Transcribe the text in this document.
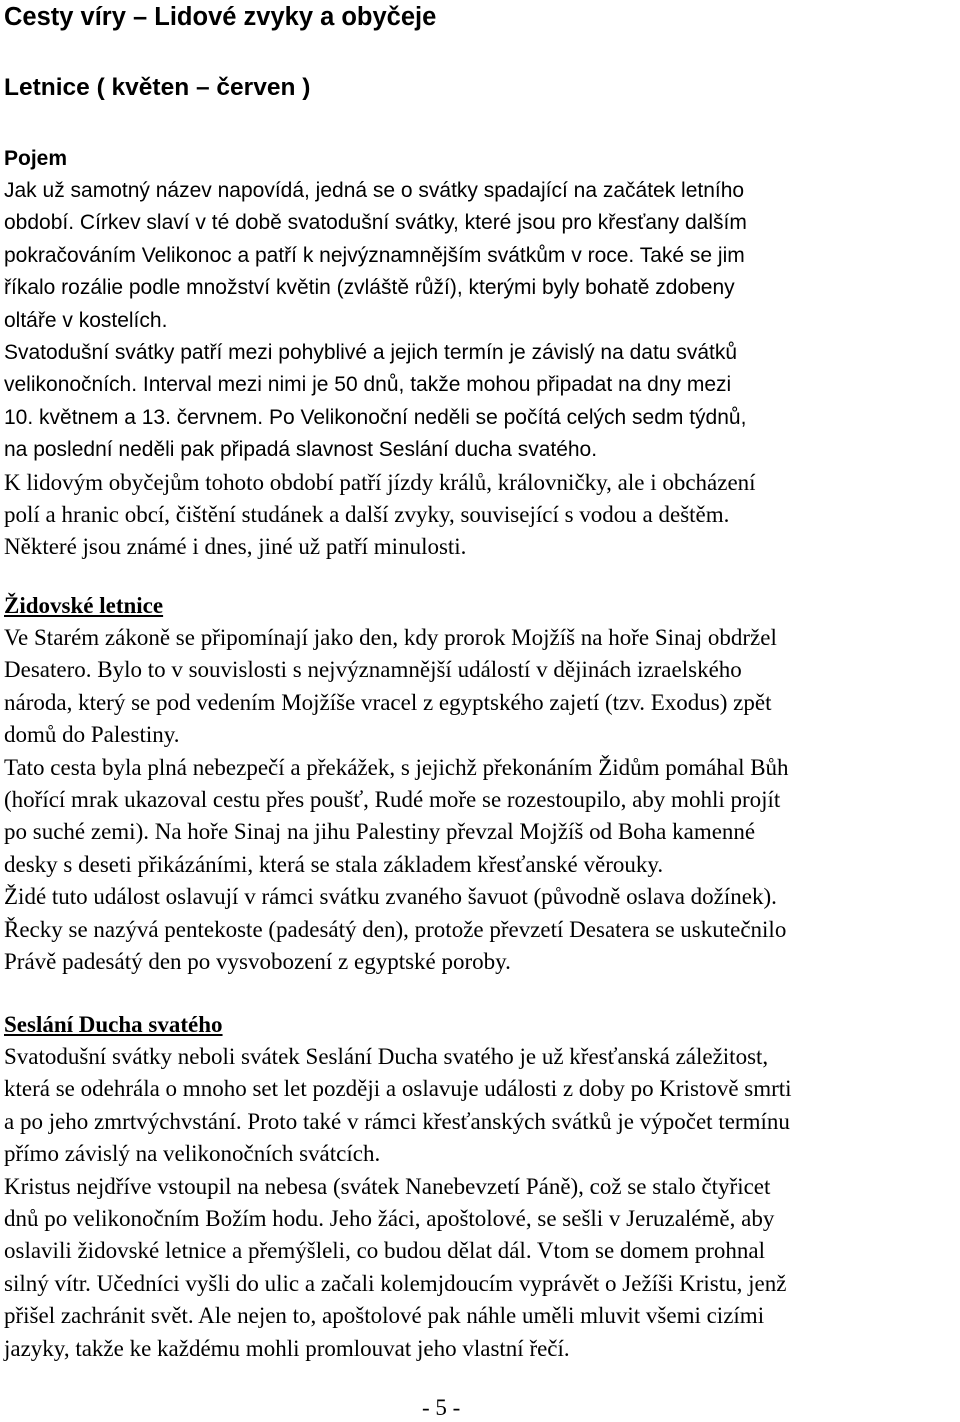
Cesty víry – Lidové zvyky a obyčeje
Letnice ( květen – červen )
Pojem
Jak už samotný název napovídá, jedná se o svátky spadající na začátek letního
období. Církev slaví v té době svatodušní svátky, které jsou pro křesťany dalším
pokračováním Velikonoc a patří k nejvýznamnějším svátkům v roce. Také se jim
říkalo rozálie podle množství květin (zvláště růží), kterými byly bohatě zdobeny
oltáře v kostelích.
Svatodušní svátky patří mezi pohyblivé a jejich termín je závislý na datu svátků
velikonočních. Interval mezi nimi je 50 dnů, takže mohou připadat na dny mezi
10. květnem a 13. červnem. Po Velikonoční neděli se počítá celých sedm týdnů,
na poslední neděli pak připadá slavnost Seslání ducha svatého.
K lidovým obyčejům tohoto období patří jízdy králů, královničky, ale i obcházení
polí a hranic obcí, čištění studánek a další zvyky, související s vodou a deštěm.
Některé jsou známé i dnes, jiné už patří minulosti.
Židovské letnice
Ve Starém zákoně se připomínají jako den, kdy prorok Mojžíš na hoře Sinaj obdržel
Desatero. Bylo to v souvislosti s nejvýznamnější událostí v dějinách izraelského
národa, který se pod vedením Mojžíše vracel z egyptského zajetí (tzv. Exodus) zpět
domů do Palestiny.
Tato cesta byla plná nebezpečí a překážek, s jejichž překonáním Židům pomáhal Bůh
(hořící mrak ukazoval cestu přes poušť, Rudé moře se rozestoupilo, aby mohli projít
po suché zemi). Na hoře Sinaj na jihu Palestiny převzal Mojžíš od Boha kamenné
desky s deseti přikázáními, která se stala základem křesťanské věrouky.
Židé tuto událost oslavují v rámci svátku zvaného šavuot (původně oslava dožínek).
Řecky se nazývá pentekoste (padesátý den), protože převzetí Desatera se uskutečnilo
Právě padesátý den po vysvobození z egyptské poroby.
Seslání Ducha svatého
Svatodušní svátky neboli svátek Seslání Ducha svatého je už křesťanská záležitost,
která se odehrála o mnoho set let později a oslavuje události z doby po Kristově smrti
a po jeho zmrtvýchvstání. Proto také v rámci křesťanských svátků je výpočet termínu
přímo závislý na velikonočních svátcích.
Kristus nejdříve vstoupil na nebesa (svátek Nanebevzetí Páně), což se stalo čtyřicet
dnů po velikonočním Božím hodu. Jeho žáci, apoštolové, se sešli v Jeruzalémě, aby
oslavili židovské letnice a přemýšleli, co budou dělat dál. Vtom se domem prohnal
silný vítr. Učedníci vyšli do ulic a začali kolemjdoucím vyprávět o Ježíši Kristu, jenž
přišel zachránit svět. Ale nejen to, apoštolové pak náhle uměli mluvit všemi cizími
jazyky, takže ke každému mohli promlouvat jeho vlastní řečí.
- 5 -
